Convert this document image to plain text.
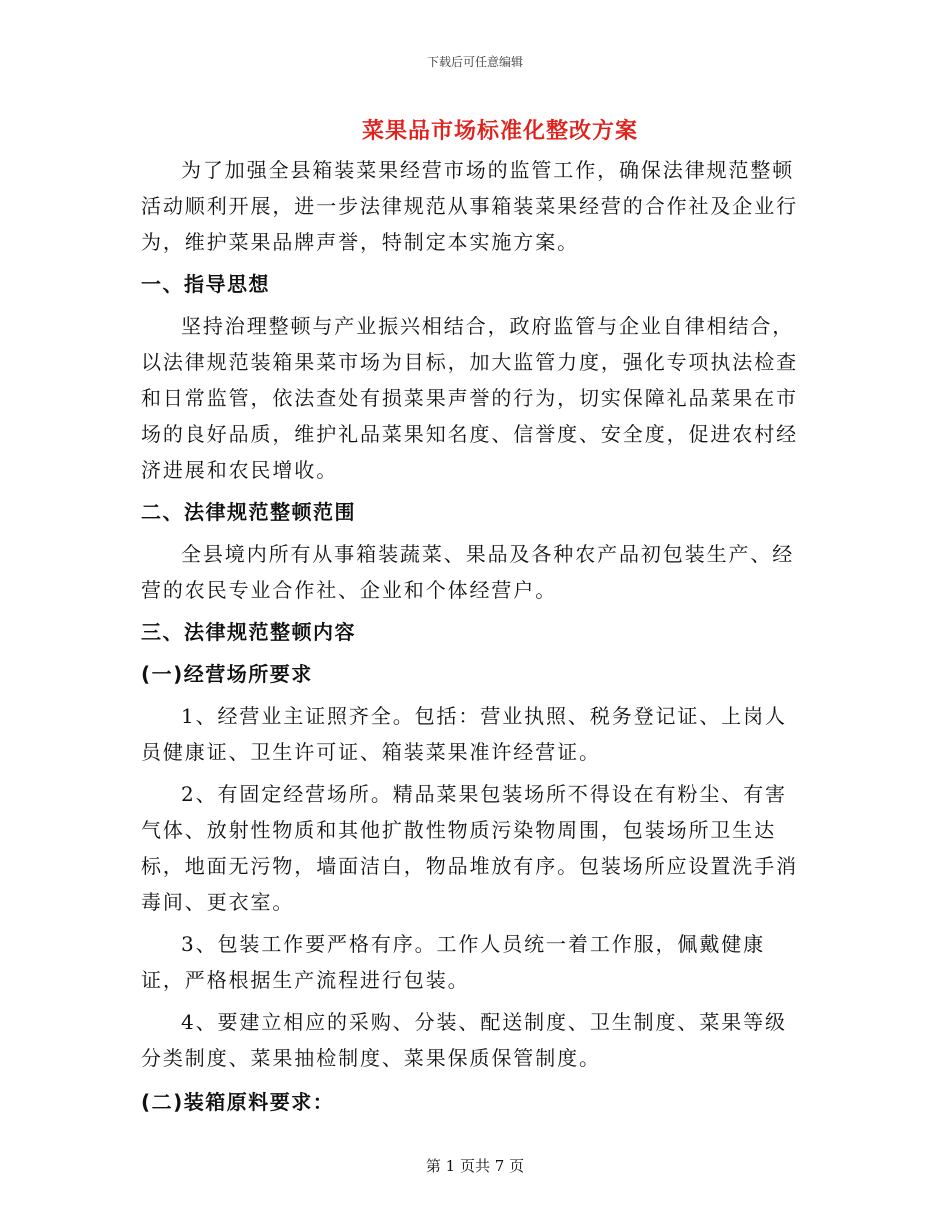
下载后可任意编辑
菜果品市场标准化整改方案

为了加强全县箱装菜果经营市场的监管工作，确保法律规范整顿活动顺利开展，进一步法律规范从事箱装菜果经营的合作社及企业行为，维护菜果品牌声誉，特制定本实施方案。

一、指导思想

坚持治理整顿与产业振兴相结合，政府监管与企业自律相结合，以法律规范装箱果菜市场为目标，加大监管力度，强化专项执法检查和日常监管，依法查处有损菜果声誉的行为，切实保障礼品菜果在市场的良好品质，维护礼品菜果知名度、信誉度、安全度，促进农村经济进展和农民增收。

二、法律规范整顿范围

全县境内所有从事箱装蔬菜、果品及各种农产品初包装生产、经营的农民专业合作社、企业和个体经营户。

三、法律规范整顿内容

(一)经营场所要求

1、经营业主证照齐全。包括：营业执照、税务登记证、上岗人员健康证、卫生许可证、箱装菜果准许经营证。

2、有固定经营场所。精品菜果包装场所不得设在有粉尘、有害气体、放射性物质和其他扩散性物质污染物周围，包装场所卫生达标，地面无污物，墙面洁白，物品堆放有序。包装场所应设置洗手消毒间、更衣室。

3、包装工作要严格有序。工作人员统一着工作服，佩戴健康证，严格根据生产流程进行包装。

4、要建立相应的采购、分装、配送制度、卫生制度、菜果等级分类制度、菜果抽检制度、菜果保质保管制度。

(二)装箱原料要求：

第 1 页共 7 页
